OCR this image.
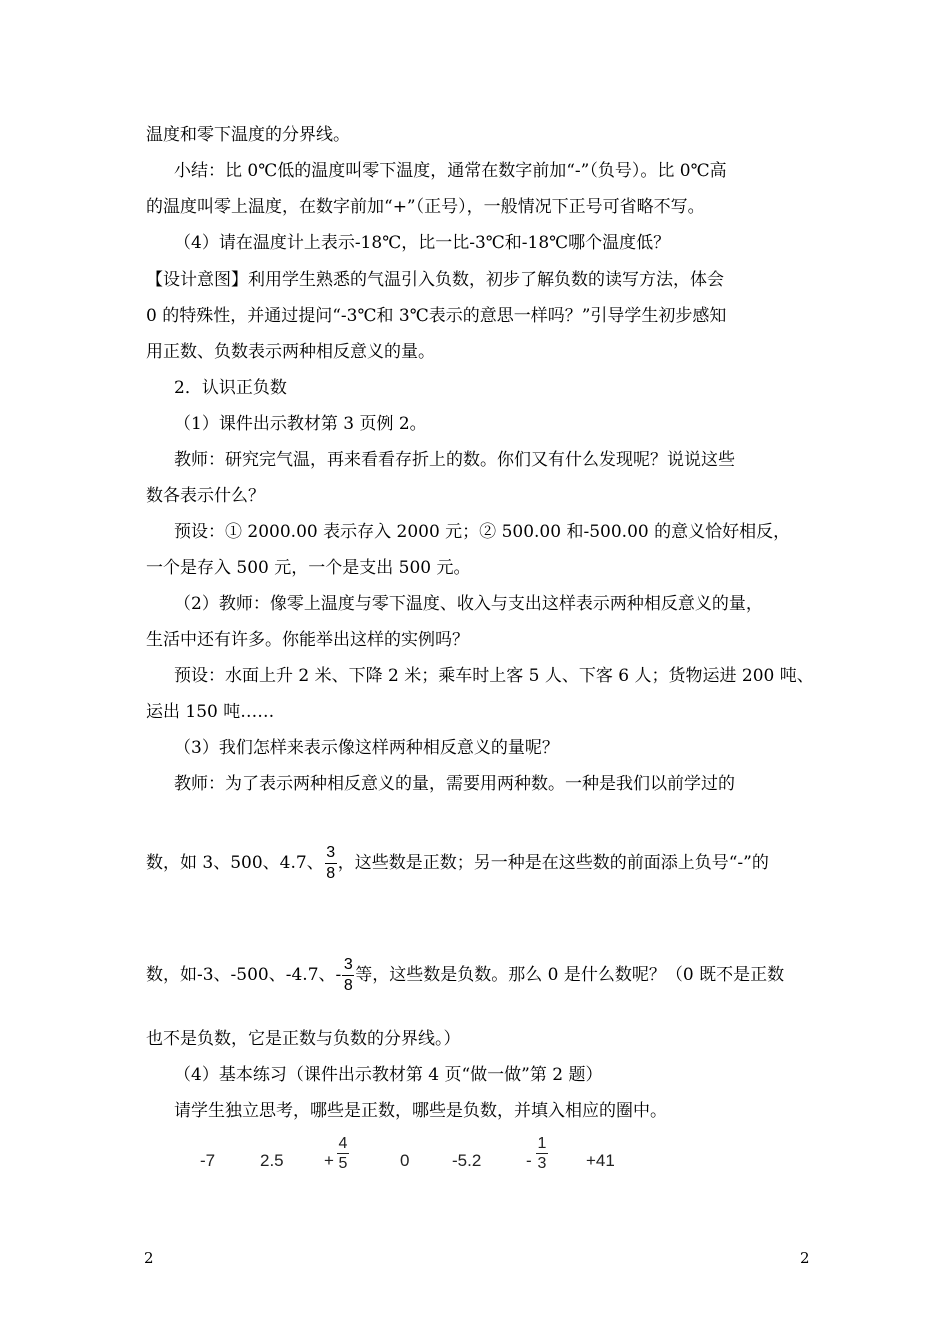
温度和零下温度的分界线。
小结：比 0℃低的温度叫零下温度，通常在数字前加“-”（负号）。比 0℃高
的温度叫零上温度，在数字前加“+”（正号），一般情况下正号可省略不写。
（4）请在温度计上表示-18℃，比一比-3℃和-18℃哪个温度低？
【设计意图】利用学生熟悉的气温引入负数，初步了解负数的读写方法，体会
0 的特殊性，并通过提问“-3℃和 3℃表示的意思一样吗？”引导学生初步感知
用正数、负数表示两种相反意义的量。
2．认识正负数
（1）课件出示教材第 3 页例 2。
教师：研究完气温，再来看看存折上的数。你们又有什么发现呢？说说这些
数各表示什么？
预设：① 2000.00 表示存入 2000 元；② 500.00 和-500.00 的意义恰好相反，
一个是存入 500 元，一个是支出 500 元。
（2）教师：像零上温度与零下温度、收入与支出这样表示两种相反意义的量，
生活中还有许多。你能举出这样的实例吗？
预设：水面上升 2 米、下降 2 米；乘车时上客 5 人、下客 6 人；货物运进 200 吨、
运出 150 吨……
（3）我们怎样来表示像这样两种相反意义的量呢？
教师：为了表示两种相反意义的量，需要用两种数。一种是我们以前学过的
数，如 3、500、4.7、 $\frac{3}{8}$ ，这些数是正数；另一种是在这些数的前面添上负号“-”的
数，如-3、-500、-4.7、- $\frac{3}{8}$ 等，这些数是负数。那么 0 是什么数呢？（0 既不是正数
也不是负数，它是正数与负数的分界线。）
（4）基本练习（课件出示教材第 4 页“做一做”第 2 题）
请学生独立思考，哪些是正数，哪些是负数，并填入相应的圈中。
-7	2.5 +
4
5	0	-5.2	-
1
3 +41
2	2
